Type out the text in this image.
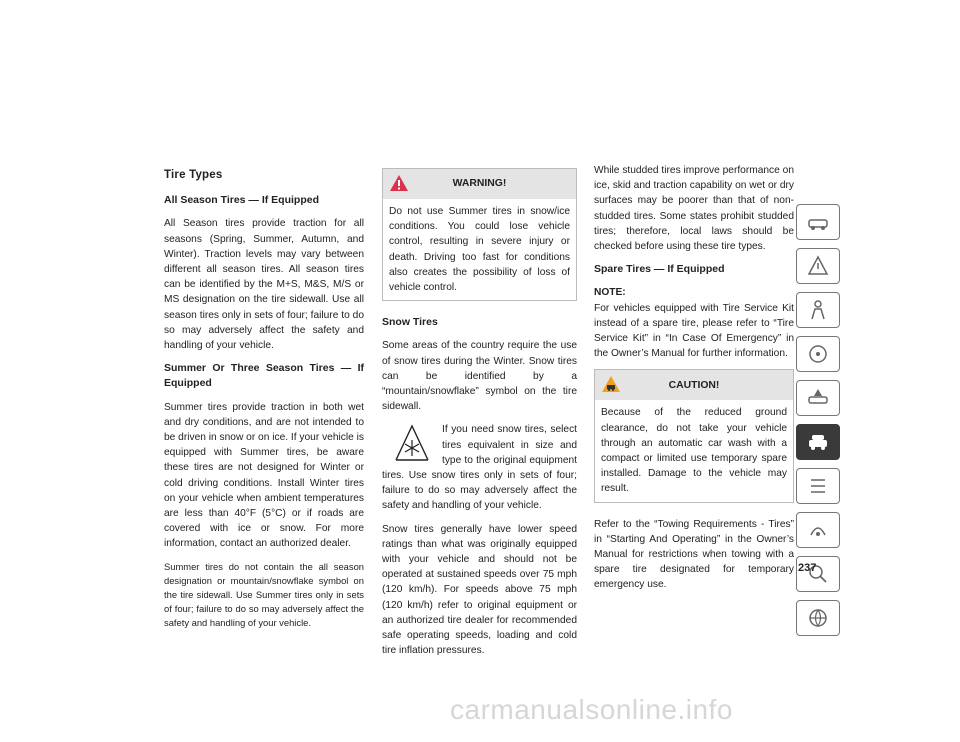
Tire Types
All Season Tires — If Equipped

All Season tires provide traction for all seasons (Spring, Summer, Autumn, and Winter). Traction levels may vary between different all season tires. All season tires can be identified by the M+S, M&S, M/S or MS designation on the tire sidewall. Use all season tires only in sets of four; failure to do so may adversely affect the safety and handling of your vehicle.

Summer Or Three Season Tires — If Equipped

Summer tires provide traction in both wet and dry conditions, and are not intended to be driven in snow or on ice. If your vehicle is equipped with Summer tires, be aware these tires are not designed for Winter or cold driving conditions. Install Winter tires on your vehicle when ambient temperatures are less than 40°F (5°C) or if roads are covered with ice or snow. For more information, contact an authorized dealer.

Summer tires do not contain the all season designation or mountain/snowflake symbol on the tire sidewall. Use Summer tires only in sets of four; failure to do so may adversely affect the safety and handling of your vehicle.

WARNING!
Do not use Summer tires in snow/ice conditions. You could lose vehicle control, resulting in severe injury or death. Driving too fast for conditions also creates the possibility of loss of vehicle control.
Snow Tires

Some areas of the country require the use of snow tires during the Winter. Snow tires can be identified by a “mountain/snowflake” symbol on the tire sidewall.

If you need snow tires, select tires equivalent in size and type to the original equipment tires. Use snow tires only in sets of four; failure to do so may adversely affect the safety and handling of your vehicle.

Snow tires generally have lower speed ratings than what was originally equipped with your vehicle and should not be operated at sustained speeds over 75 mph (120 km/h). For speeds above 75 mph (120 km/h) refer to original equipment or an authorized tire dealer for recommended safe operating speeds, loading and cold tire inflation pressures.

While studded tires improve performance on ice, skid and traction capability on wet or dry surfaces may be poorer than that of non-studded tires. Some states prohibit studded tires; therefore, local laws should be checked before using these tire types.

Spare Tires — If Equipped

NOTE:
For vehicles equipped with Tire Service Kit instead of a spare tire, please refer to “Tire Service Kit” in “In Case Of Emergency” in the Owner’s Manual for further information.

CAUTION!
Because of the reduced ground clearance, do not take your vehicle through an automatic car wash with a compact or limited use temporary spare installed. Damage to the vehicle may result.

Refer to the “Towing Requirements - Tires” in “Starting And Operating” in the Owner’s Manual for restrictions when towing with a spare tire designated for temporary emergency use.

237
carmanualsonline.info
